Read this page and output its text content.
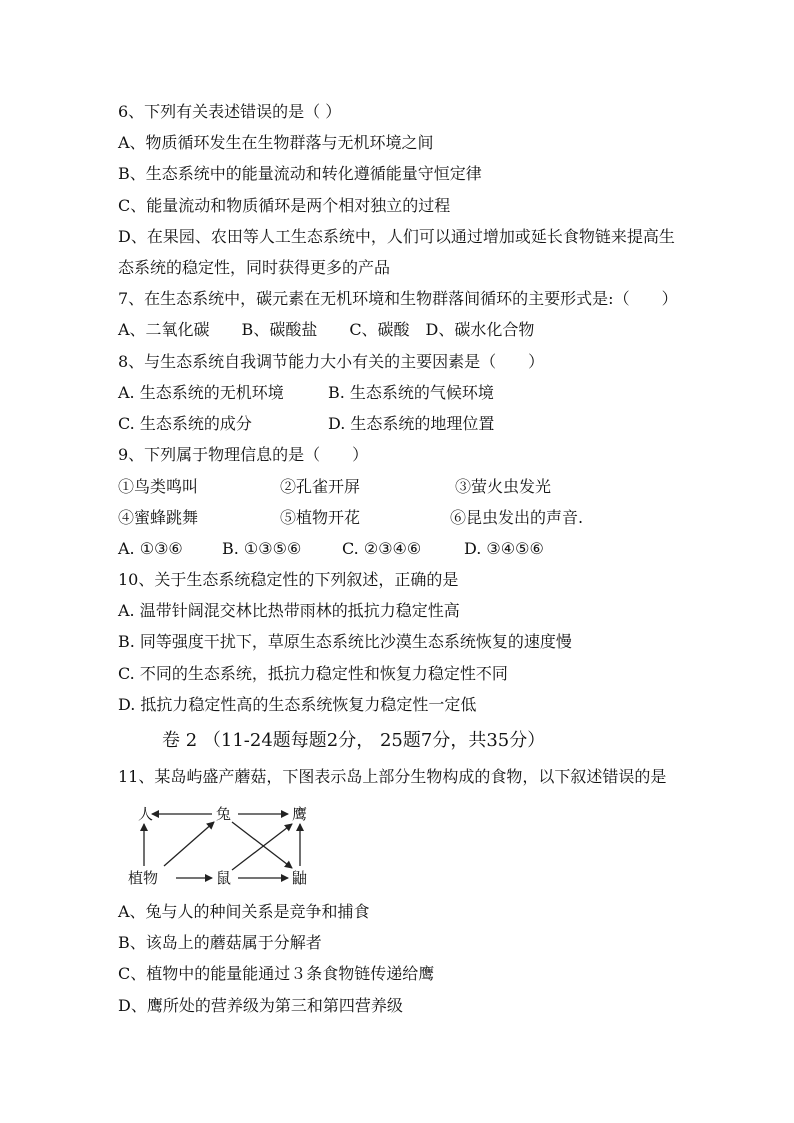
6、下列有关表述错误的是（ ）
A、物质循环发生在生物群落与无机环境之间
B、生态系统中的能量流动和转化遵循能量守恒定律
C、能量流动和物质循环是两个相对独立的过程
D、在果园、农田等人工生态系统中，人们可以通过增加或延长食物链来提高生
态系统的稳定性，同时获得更多的产品
7、在生态系统中，碳元素在无机环境和生物群落间循环的主要形式是:（　　）
A、二氧化碳　　B、碳酸盐　　C、碳酸　D、碳水化合物
8、与生态系统自我调节能力大小有关的主要因素是（　　）
A. 生态系统的无机环境	B. 生态系统的气候环境
C. 生态系统的成分	D. 生态系统的地理位置
9、下列属于物理信息的是（　　）
①鸟类鸣叫	②孔雀开屏	③萤火虫发光
④蜜蜂跳舞	⑤植物开花	⑥昆虫发出的声音.
A. ①③⑥ B. ①③⑤⑥	C. ②③④⑥	D. ③④⑤⑥
10、关于生态系统稳定性的下列叙述，正确的是
A. 温带针阔混交林比热带雨林的抵抗力稳定性高
B. 同等强度干扰下，草原生态系统比沙漠生态系统恢复的速度慢
C. 不同的生态系统，抵抗力稳定性和恢复力稳定性不同
D. 抵抗力稳定性高的生态系统恢复力稳定性一定低
卷 2 （11-24题每题2分， 25题7分，共35分）
11、某岛屿盛产蘑菇，下图表示岛上部分生物构成的食物，以下叙述错误的是
人	兔	鹰
植物	鼠	鼬
A、兔与人的种间关系是竞争和捕食
B、该岛上的蘑菇属于分解者
C、植物中的能量能通过３条食物链传递给鹰
D、鹰所处的营养级为第三和第四营养级
